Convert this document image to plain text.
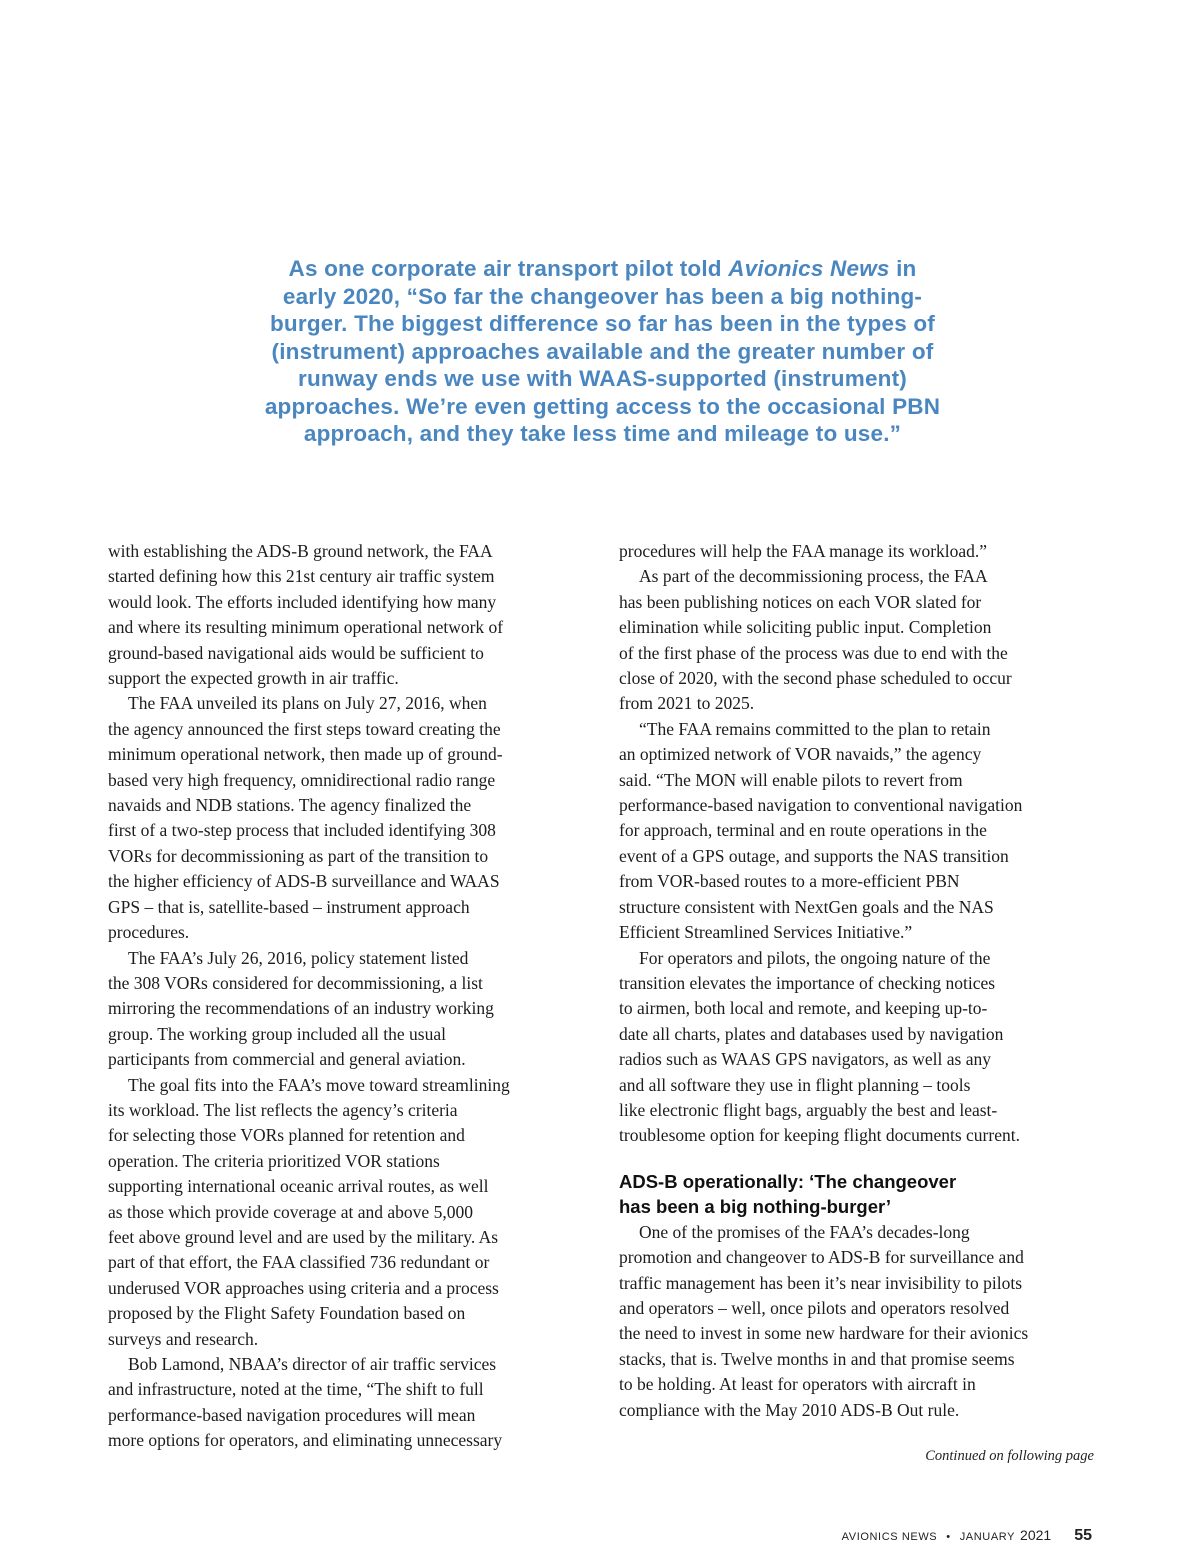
As one corporate air transport pilot told Avionics News in early 2020, “So far the changeover has been a big nothing-burger. The biggest difference so far has been in the types of (instrument) approaches available and the greater number of runway ends we use with WAAS-supported (instrument) approaches. We’re even getting access to the occasional PBN approach, and they take less time and mileage to use.”

with establishing the ADS-B ground network, the FAA
started defining how this 21st century air traffic system
would look. The efforts included identifying how many
and where its resulting minimum operational network of
ground-based navigational aids would be sufficient to
support the expected growth in air traffic.
The FAA unveiled its plans on July 27, 2016, when
the agency announced the first steps toward creating the
minimum operational network, then made up of ground-
based very high frequency, omnidirectional radio range
navaids and NDB stations. The agency finalized the
first of a two-step process that included identifying 308
VORs for decommissioning as part of the transition to
the higher efficiency of ADS-B surveillance and WAAS
GPS – that is, satellite-based – instrument approach
procedures.
The FAA’s July 26, 2016, policy statement listed
the 308 VORs considered for decommissioning, a list
mirroring the recommendations of an industry working
group. The working group included all the usual
participants from commercial and general aviation.
The goal fits into the FAA’s move toward streamlining
its workload. The list reflects the agency’s criteria
for selecting those VORs planned for retention and
operation. The criteria prioritized VOR stations
supporting international oceanic arrival routes, as well
as those which provide coverage at and above 5,000
feet above ground level and are used by the military. As
part of that effort, the FAA classified 736 redundant or
underused VOR approaches using criteria and a process
proposed by the Flight Safety Foundation based on
surveys and research.
Bob Lamond, NBAA’s director of air traffic services
and infrastructure, noted at the time, “The shift to full
performance-based navigation procedures will mean
more options for operators, and eliminating unnecessary
procedures will help the FAA manage its workload.”
As part of the decommissioning process, the FAA
has been publishing notices on each VOR slated for
elimination while soliciting public input. Completion
of the first phase of the process was due to end with the
close of 2020, with the second phase scheduled to occur
from 2021 to 2025.
“The FAA remains committed to the plan to retain
an optimized network of VOR navaids,” the agency
said. “The MON will enable pilots to revert from
performance-based navigation to conventional navigation
for approach, terminal and en route operations in the
event of a GPS outage, and supports the NAS transition
from VOR-based routes to a more-efficient PBN
structure consistent with NextGen goals and the NAS
Efficient Streamlined Services Initiative.”
For operators and pilots, the ongoing nature of the
transition elevates the importance of checking notices
to airmen, both local and remote, and keeping up-to-
date all charts, plates and databases used by navigation
radios such as WAAS GPS navigators, as well as any
and all software they use in flight planning – tools
like electronic flight bags, arguably the best and least-
troublesome option for keeping flight documents current.

ADS-B operationally: ‘The changeover
has been a big nothing-burger’

One of the promises of the FAA’s decades-long
promotion and changeover to ADS-B for surveillance and
traffic management has been it’s near invisibility to pilots
and operators – well, once pilots and operators resolved
the need to invest in some new hardware for their avionics
stacks, that is. Twelve months in and that promise seems
to be holding. At least for operators with aircraft in
compliance with the May 2010 ADS-B Out rule.
Continued on following page
AVIONICS NEWS • JANUARY 2021 55
